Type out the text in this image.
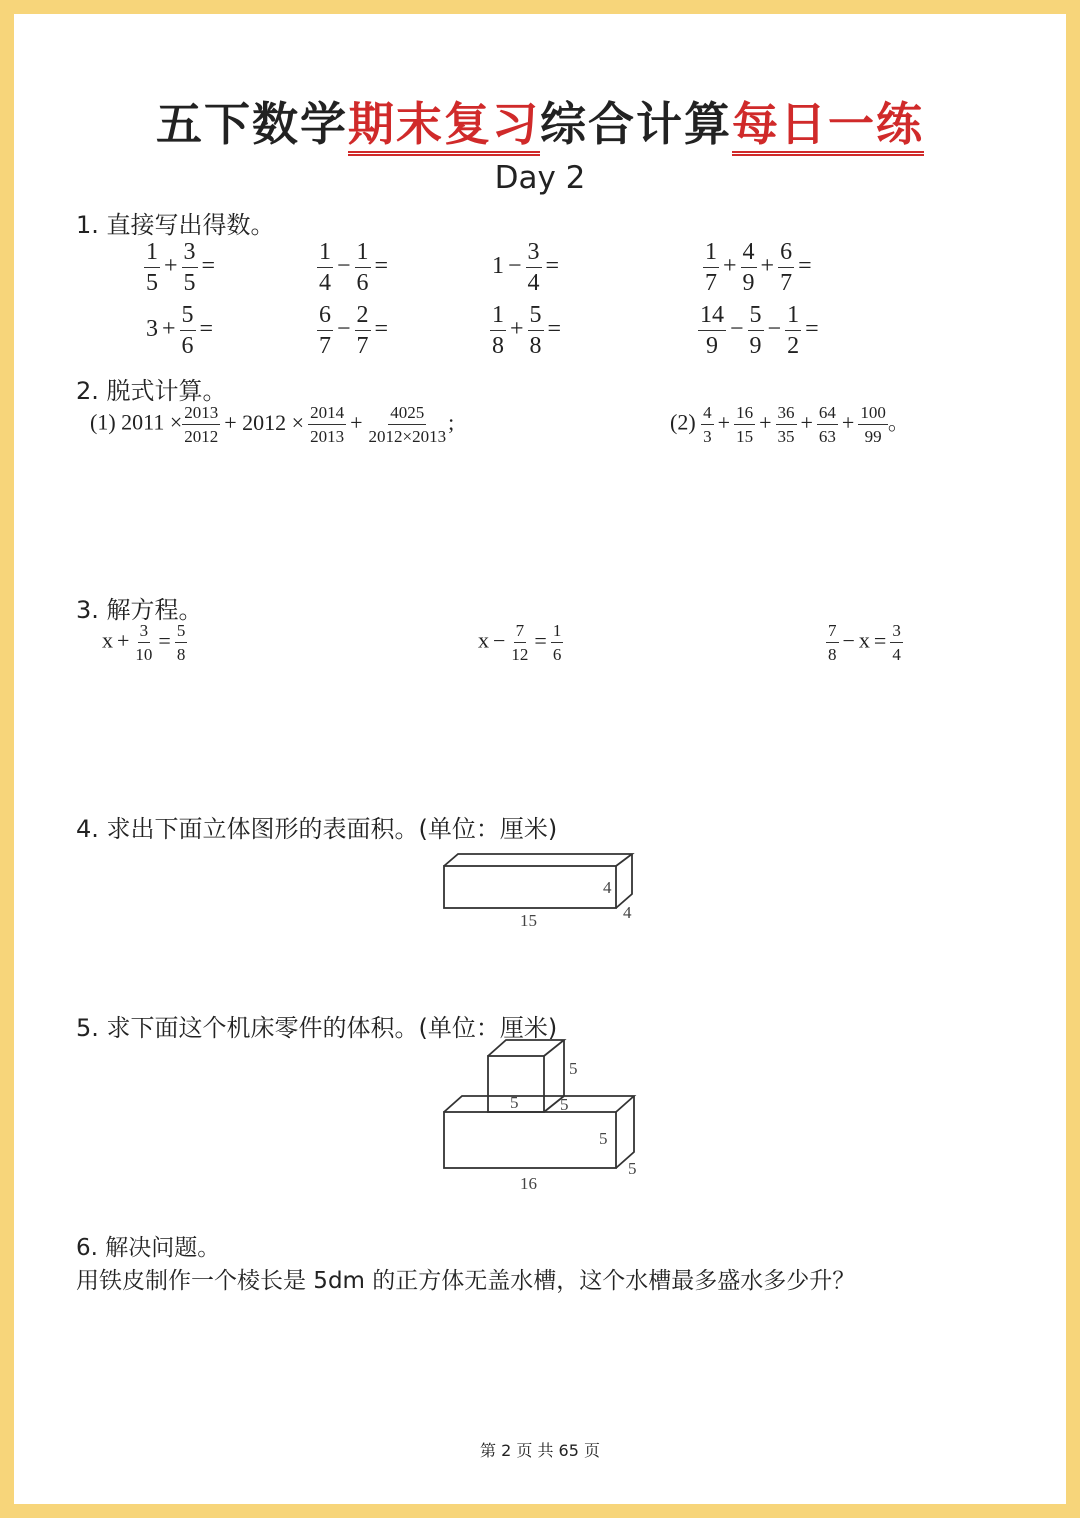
五下数学期末复习综合计算每日一练
Day 2
1. 直接写出得数。
$\frac{1}{5} + \frac{3}{5}$ =	$\frac{1}{4} - \frac{1}{6}$ =	$1 - \frac{3}{4}$ =	$\frac{1}{7} + \frac{4}{9} + \frac{6}{7}$ =
$3 + \frac{5}{6}$ =	$\frac{6}{7} - \frac{2}{7}$ =	$\frac{1}{8} + \frac{5}{8}$ =	$\frac{14}{9} - \frac{5}{9} - \frac{1}{2}$ =
2. 脱式计算。
(1) $2011 \times \frac{2013}{2012} + 2012 \times \frac{2014}{2013} + \frac{4025}{2012\times 2013}$ ;	$(2) \frac{4}{3} + \frac{16}{15} + \frac{36}{35} + \frac{64}{63} + \frac{100}{99}$ 。
3. 解方程。
$x + \frac{3}{10} = \frac{5}{8}$	$x - \frac{7}{12} = \frac{1}{6}$	$\frac{7}{8} - x = \frac{3}{4}$
4. 求出下面立体图形的表面积。(单位：厘米)
4
4
15
5. 求下面这个机床零件的体积。(单位：厘米)
5
5 5
5
5
16
6. 解决问题。
用铁皮制作一个棱长是 5dm 的正方体无盖水槽，这个水槽最多盛水多少升？
第 2 页 共 65 页
